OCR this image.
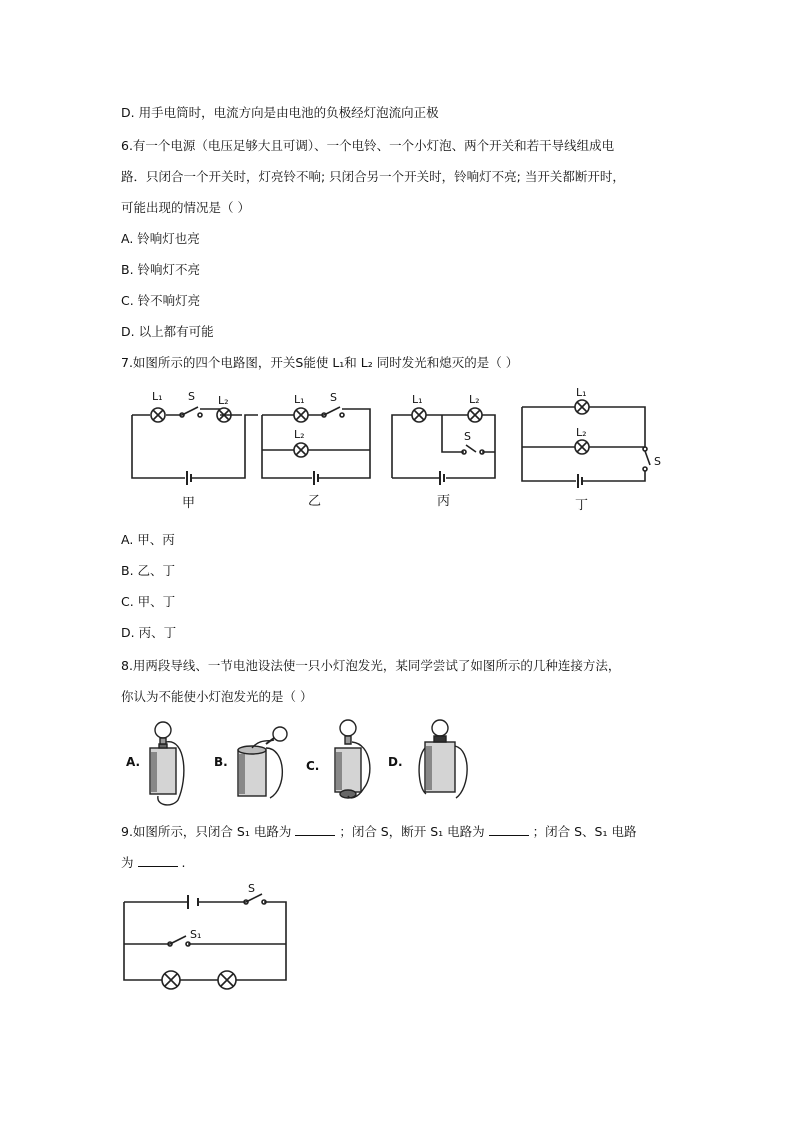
D. 用手电筒时，电流方向是由电池的负极经灯泡流向正极
6.有一个电源（电压足够大且可调）、一个电铃、一个小灯泡、两个开关和若干导线组成电
路．只闭合一个开关时，灯亮铃不响; 只闭合另一个开关时，铃响灯不亮; 当开关都断开时，
可能出现的情况是（ ）
A. 铃响灯也亮
B. 铃响灯不亮
C. 铃不响灯亮
D. 以上都有可能
7.如图所示的四个电路图，开关S能使 L₁和 L₂ 同时发光和熄灭的是（ ）
L₁ S L₂
甲
L₁ S
L₂
乙
L₁	L₂
S
丙
L₁
L₂
S
丁
A. 甲、丙
B. 乙、丁
C. 甲、丁
D. 丙、丁
8.用两段导线、一节电池设法使一只小灯泡发光，某同学尝试了如图所示的几种连接方法，
你认为不能使小灯泡发光的是（ ）
A.	B.	C.	D.
9.如图所示，只闭合 S₁ 电路为	；闭合 S，断开 S₁ 电路为	；闭合 S、S₁ 电路
为	.
S
S₁
